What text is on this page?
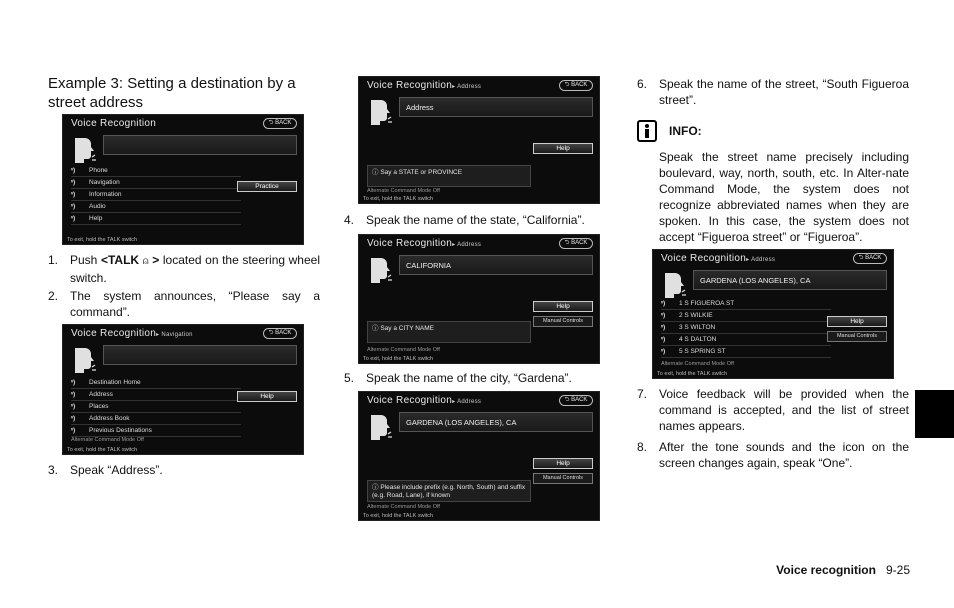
Example 3: Setting a destination by a street address
Voice Recognition	⮌ BACK
ᵛ)	Phone
ᵛ)	Navigation
ᵛ)	Information
ᵛ)	Audio
ᵛ)	Help
Practice
To exit, hold the TALK switch
1. Push <TALK ⍝ > located on the steering wheel switch.
2. The system announces, “Please say a command”.
Voice Recognition▸ Navigation	⮌ BACK
ᵛ)	Destination Home
ᵛ)	Address
ᵛ)	Places
ᵛ)	Address Book
ᵛ)	Previous Destinations
Help
Alternate Command Mode Off
To exit, hold the TALK switch
3. Speak “Address”.
Voice Recognition▸ Address	⮌ BACK
Address
Help
ⓘ Say a STATE or PROVINCE
Alternate Command Mode Off
To exit, hold the TALK switch
4. Speak the name of the state, “California”.
Voice Recognition▸ Address	⮌ BACK
CALIFORNIA
Help
Manual Controls
ⓘ Say a CITY NAME
Alternate Command Mode Off
To exit, hold the TALK switch
5. Speak the name of the city, “Gardena”.
Voice Recognition▸ Address	⮌ BACK
GARDENA (LOS ANGELES), CA
Help
Manual Controls
ⓘ Please include prefix (e.g. North, South) and suffix (e.g. Road, Lane), if known
Alternate Command Mode Off
To exit, hold the TALK switch
6. Speak the name of the street, “South Figueroa street”.
INFO:
Speak the street name precisely including boulevard, way, north, south, etc. In Alter-nate Command Mode, the system does not recognize abbreviated names when they are spoken. In this case, the system does not accept “Figueroa street” or “Figueroa”.
Voice Recognition▸ Address	⮌ BACK
GARDENA (LOS ANGELES), CA
ᵛ)	1 S FIGUEROA ST
ᵛ)	2 S WILKIE
ᵛ)	3 S WILTON
ᵛ)	4 S DALTON
ᵛ)	5 S SPRING ST
Help
Manual Controls
Alternate Command Mode Off
To exit, hold the TALK switch
7. Voice feedback will be provided when the command is accepted, and the list of street names appears.
8. After the tone sounds and the icon on the screen changes again, speak “One”.
Voice recognition 9-25
